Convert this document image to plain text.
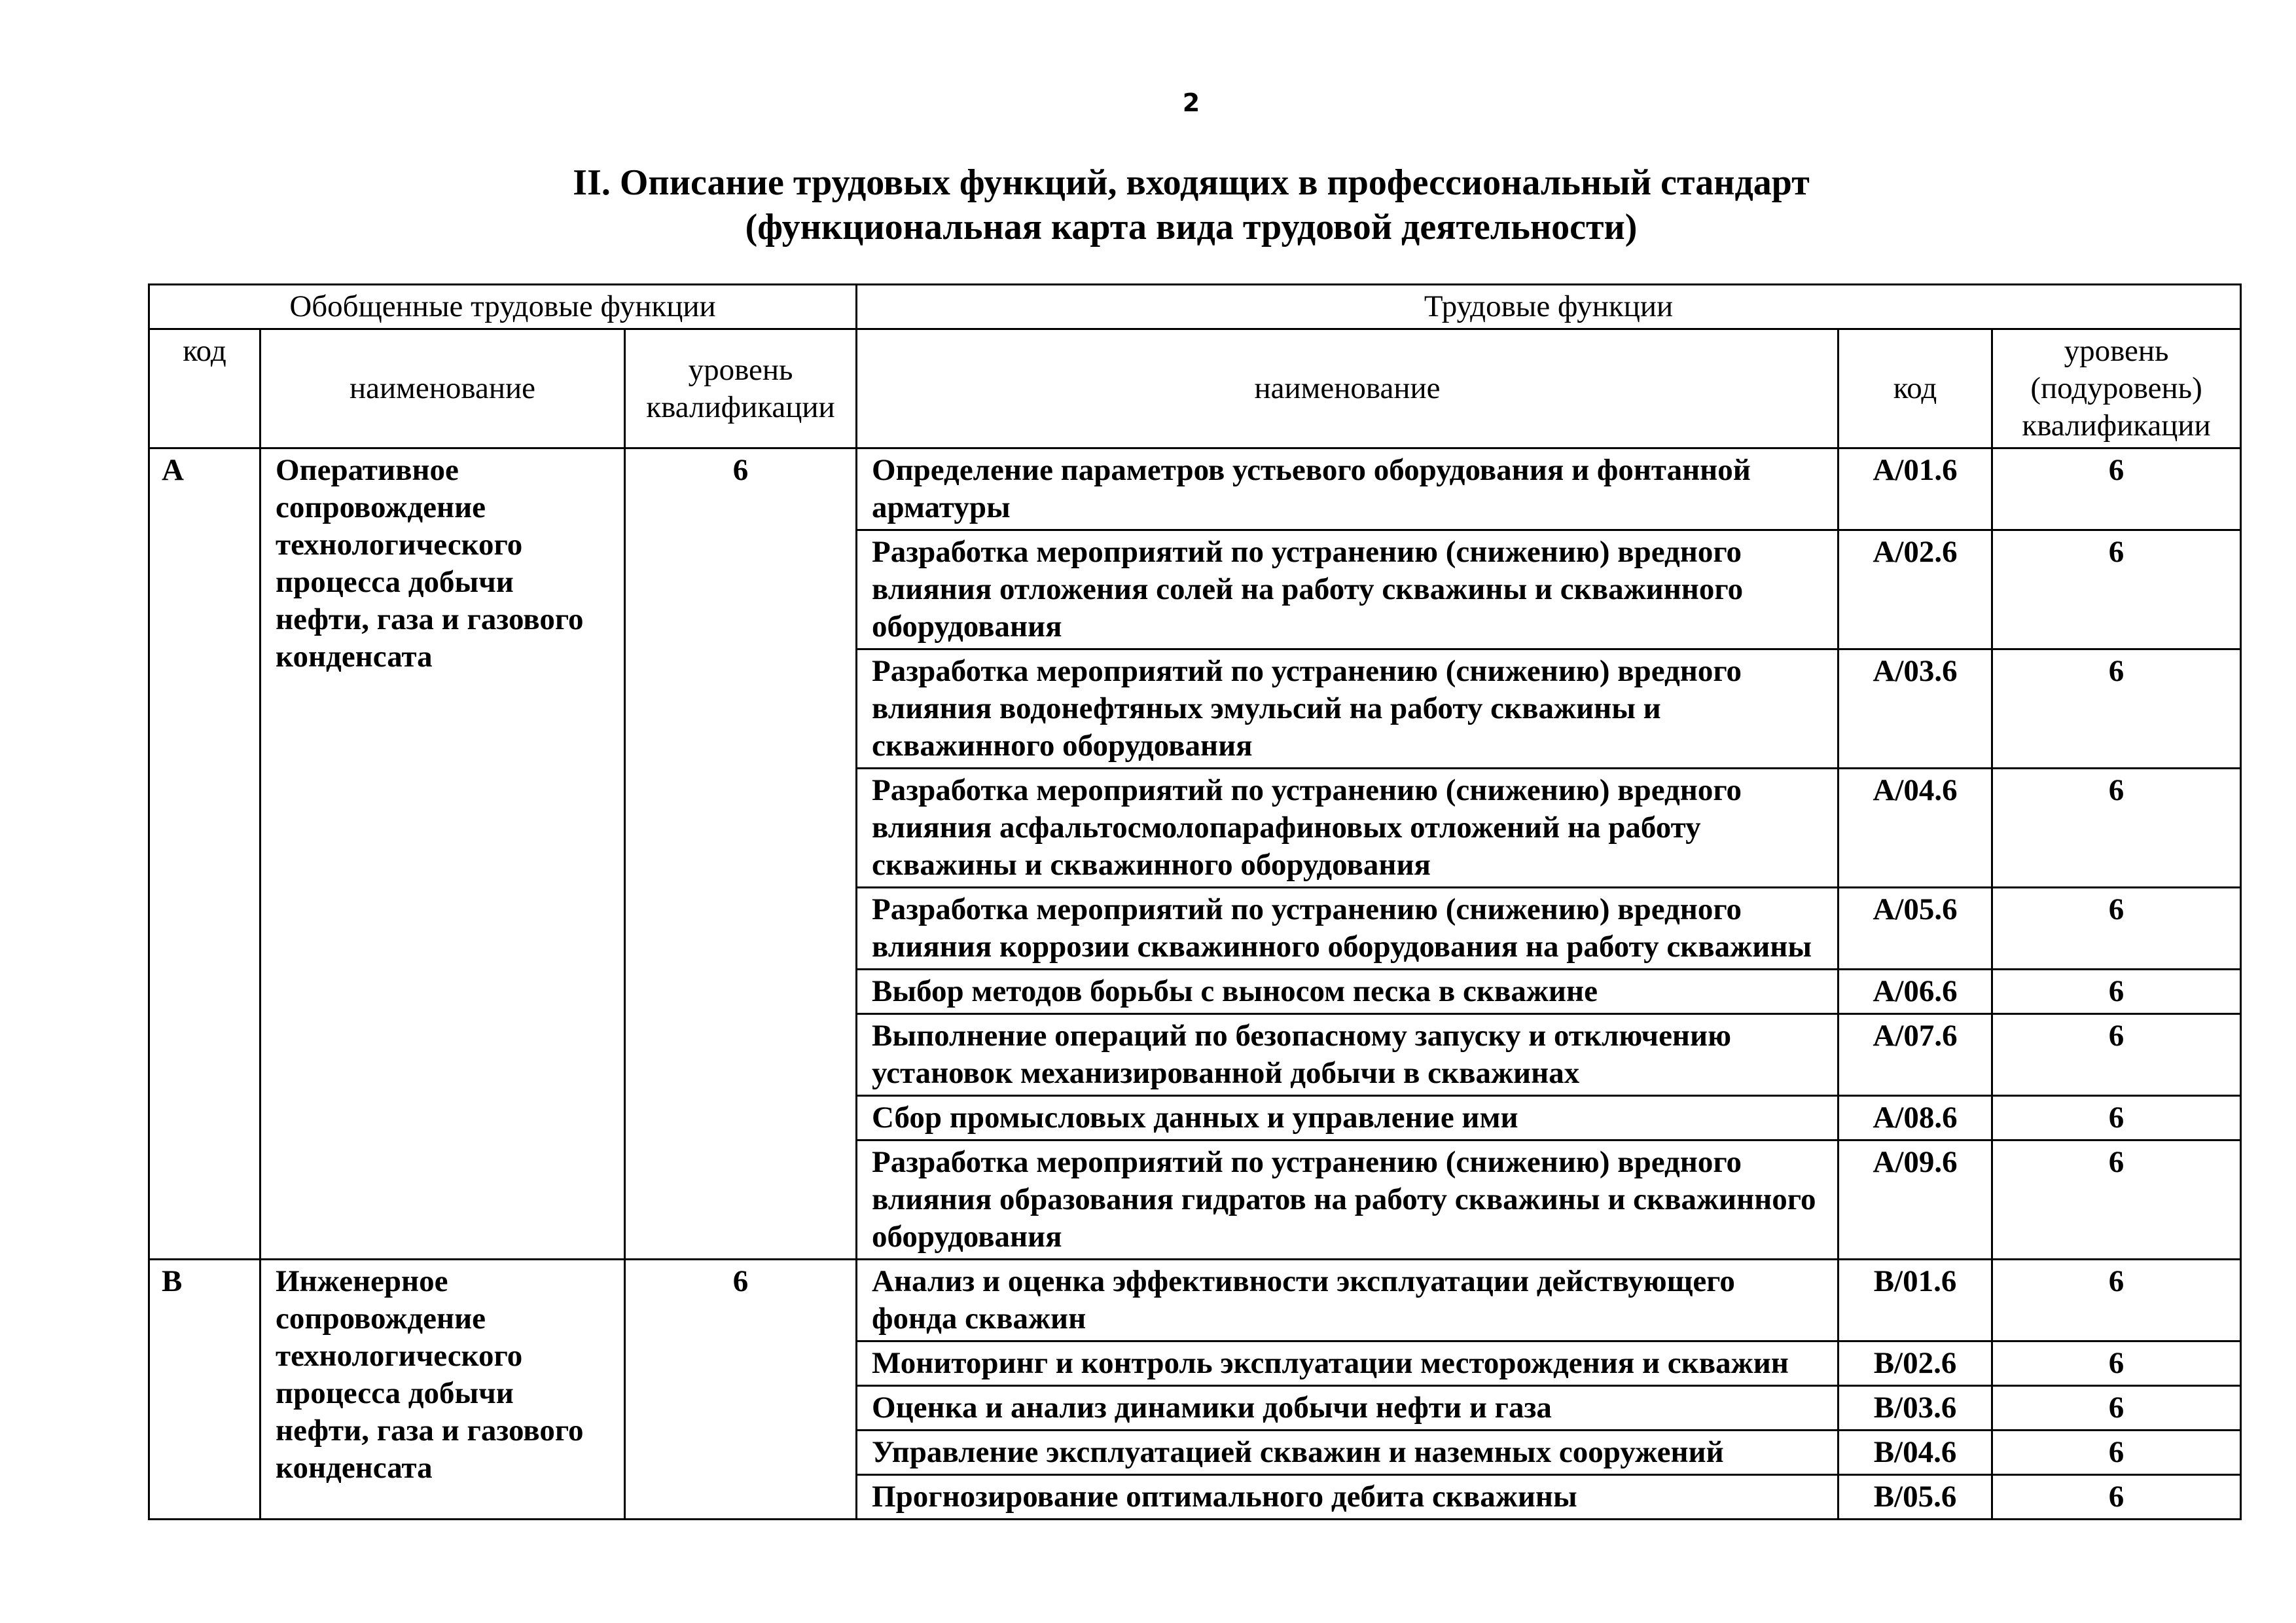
2
II. Описание трудовых функций, входящих в профессиональный стандарт
(функциональная карта вида трудовой деятельности)
Обобщенные трудовые функции			Трудовые функции		
код	наименование	уровень квалификации	наименование	код	уровень (подуровень) квалификации
A	Оперативное сопровождение технологического процесса добычи нефти, газа и газового конденсата	6	Определение параметров устьевого оборудования и фонтанной арматуры	A/01.6	6
			Разработка мероприятий по устранению (снижению) вредного влияния отложения солей на работу скважины и скважинного оборудования	A/02.6	6
			Разработка мероприятий по устранению (снижению) вредного влияния водонефтяных эмульсий на работу скважины и скважинного оборудования	A/03.6	6
			Разработка мероприятий по устранению (снижению) вредного влияния асфальтосмолопарафиновых отложений на работу скважины и скважинного оборудования	A/04.6	6
			Разработка мероприятий по устранению (снижению) вредного влияния коррозии скважинного оборудования на работу скважины	A/05.6	6
			Выбор методов борьбы с выносом песка в скважине	A/06.6	6
			Выполнение операций по безопасному запуску и отключению установок механизированной добычи в скважинах	A/07.6	6
			Сбор промысловых данных и управление ими	A/08.6	6
			Разработка мероприятий по устранению (снижению) вредного влияния образования гидратов на работу скважины и скважинного оборудования	A/09.6	6
B	Инженерное сопровождение технологического процесса добычи нефти, газа и газового конденсата	6	Анализ и оценка эффективности эксплуатации действующего фонда скважин	B/01.6	6
			Мониторинг и контроль эксплуатации месторождения и скважин	B/02.6	6
			Оценка и анализ динамики добычи нефти и газа	B/03.6	6
			Управление эксплуатацией скважин и наземных сооружений	B/04.6	6
			Прогнозирование оптимального дебита скважины	B/05.6	6
